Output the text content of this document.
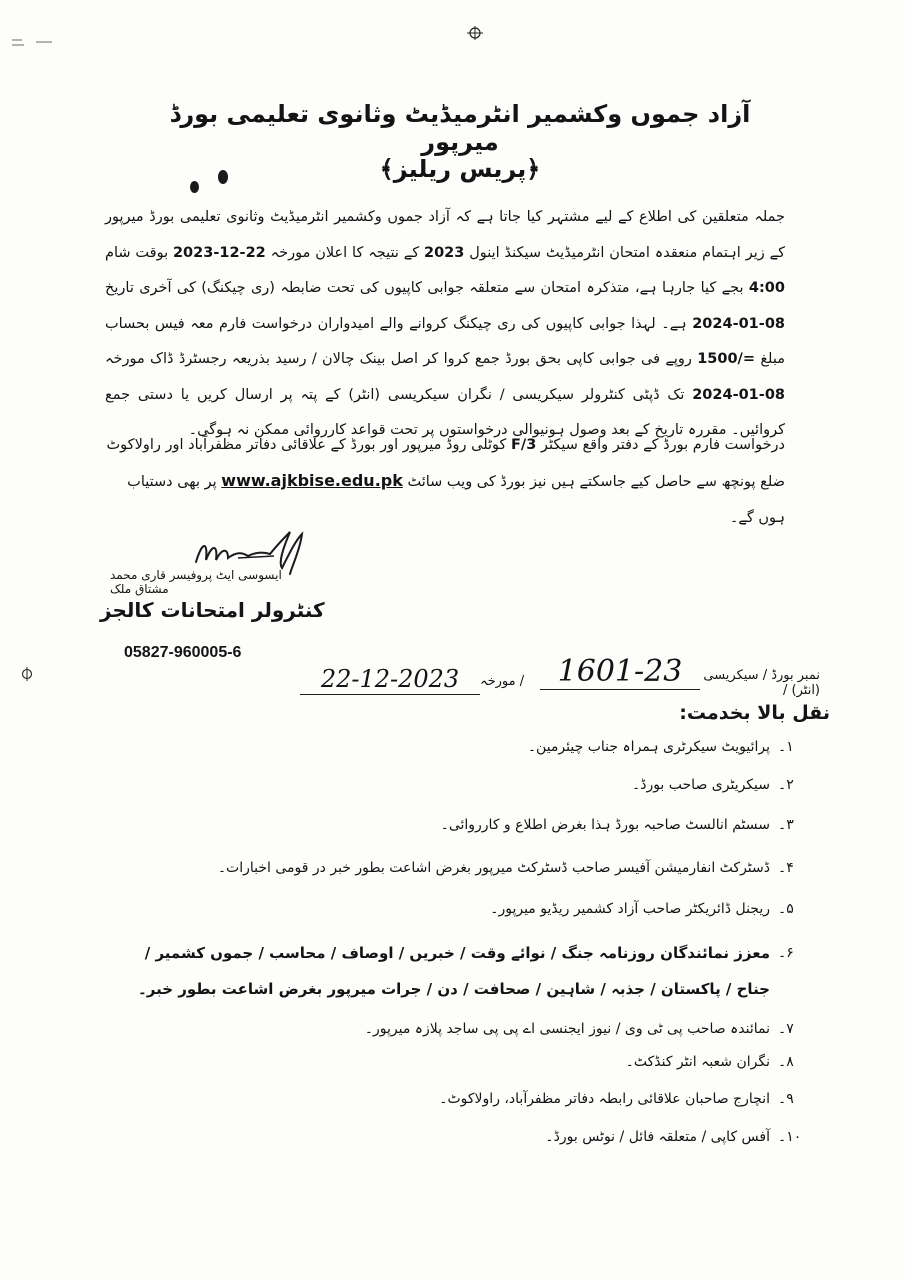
آزاد جموں وکشمیر انٹرمیڈیٹ وثانوی تعلیمی بورڈ میرپور
﴿پریس ریلیز﴾
جملہ متعلقین کی اطلاع کے لیے مشتہر کیا جاتا ہے کہ آزاد جموں وکشمیر انٹرمیڈیٹ وثانوی تعلیمی بورڈ میرپور کے زیر اہتمام منعقدہ امتحان انٹرمیڈیٹ سیکنڈ اینول 2023 کے نتیجہ کا اعلان مورخہ 22-12-2023 بوقت شام 4:00 بجے کیا جارہا ہے، متذکرہ امتحان سے متعلقہ جوابی کاپیوں کی تحت ضابطہ (ری چیکنگ) کی آخری تاریخ 08-01-2024 ہے۔ لہذا جوابی کاپیوں کی ری چیکنگ کروانے والے امیدواران درخواست فارم معہ فیس بحساب مبلغ =/1500 روپے فی جوابی کاپی بحق بورڈ جمع کروا کر اصل بینک چالان / رسید بذریعہ رجسٹرڈ ڈاک مورخہ 08-01-2024 تک ڈپٹی کنٹرولر سیکریسی / نگران سیکریسی (انٹر) کے پتہ پر ارسال کریں یا دستی جمع کروائیں۔ مقررہ تاریخ کے بعد وصول ہونیوالی درخواستوں پر تحت قواعد کارروائی ممکن نہ ہوگی۔
درخواست فارم بورڈ کے دفتر واقع سیکٹر F/3 کوٹلی روڈ میرپور اور بورڈ کے علاقائی دفاتر مظفرآباد اور راولاکوٹ ضلع پونچھ سے حاصل کیے جاسکتے ہیں نیز بورڈ کی ویب سائٹ www.ajkbise.edu.pk پر بھی دستیاب ہوں گے۔
ایسوسی ایٹ پروفیسر قاری محمد مشتاق ملک
کنٹرولر امتحانات کالجز
05827-960005-6
نمبر بورڈ / سیکریسی (انٹر) /
1601-23
/ مورخہ
22-12-2023
نقل بالا بخدمت:
۱۔
پرائیویٹ سیکرٹری ہمراہ جناب چیئرمین۔
۲۔
سیکریٹری صاحب بورڈ۔
۳۔
سسٹم انالسٹ صاحبہ بورڈ ہذا بغرض اطلاع و کارروائی۔
۴۔
ڈسٹرکٹ انفارمیشن آفیسر صاحب ڈسٹرکٹ میرپور بغرض اشاعت بطور خبر در قومی اخبارات۔
۵۔
ریجنل ڈائریکٹر صاحب آزاد کشمیر ریڈیو میرپور۔
۶۔
معزز نمائندگان روزنامہ جنگ / نوائے وقت / خبریں / اوصاف / محاسب / جموں کشمیر / جناح / پاکستان / جذبہ / شاہین / صحافت / دن / جرات میرپور بغرض اشاعت بطور خبر۔
۷۔
نمائندہ صاحب پی ٹی وی / نیوز ایجنسی اے پی پی ساجد پلازہ میرپور۔
۸۔
نگران شعبہ انٹر کنڈکٹ۔
۹۔
انچارج صاحبان علاقائی رابطہ دفاتر مظفرآباد، راولاکوٹ۔
۱۰۔
آفس کاپی / متعلقہ فائل / نوٹس بورڈ۔
